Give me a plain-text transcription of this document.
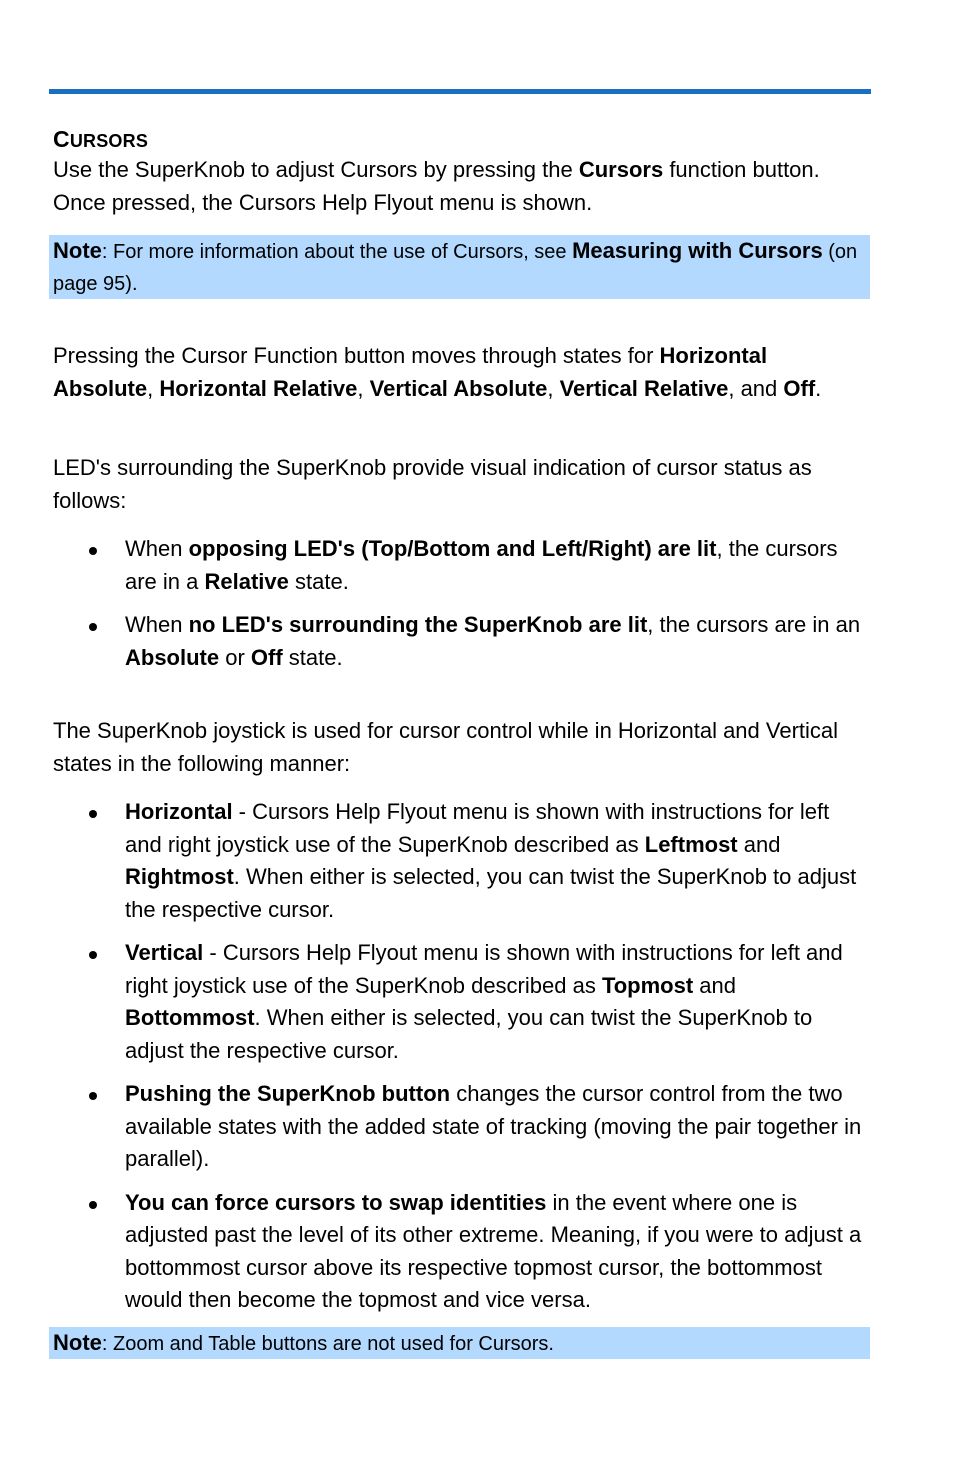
CURSORS
Use the SuperKnob to adjust Cursors by pressing the Cursors function button. Once pressed, the Cursors Help Flyout menu is shown.
Note: For more information about the use of Cursors, see Measuring with Cursors (on page 95).
Pressing the Cursor Function button moves through states for Horizontal Absolute, Horizontal Relative, Vertical Absolute, Vertical Relative, and Off.
LED's surrounding the SuperKnob provide visual indication of cursor status as follows:
When opposing LED's (Top/Bottom and Left/Right) are lit, the cursors are in a Relative state.
When no LED's surrounding the SuperKnob are lit, the cursors are in an Absolute or Off state.
The SuperKnob joystick is used for cursor control while in Horizontal and Vertical states in the following manner:
Horizontal - Cursors Help Flyout menu is shown with instructions for left and right joystick use of the SuperKnob described as Leftmost and Rightmost. When either is selected, you can twist the SuperKnob to adjust the respective cursor.
Vertical - Cursors Help Flyout menu is shown with instructions for left and right joystick use of the SuperKnob described as Topmost and Bottommost. When either is selected, you can twist the SuperKnob to adjust the respective cursor.
Pushing the SuperKnob button changes the cursor control from the two available states with the added state of tracking (moving the pair together in parallel).
You can force cursors to swap identities in the event where one is adjusted past the level of its other extreme. Meaning, if you were to adjust a bottommost cursor above its respective topmost cursor, the bottommost would then become the topmost and vice versa.
Note: Zoom and Table buttons are not used for Cursors.
